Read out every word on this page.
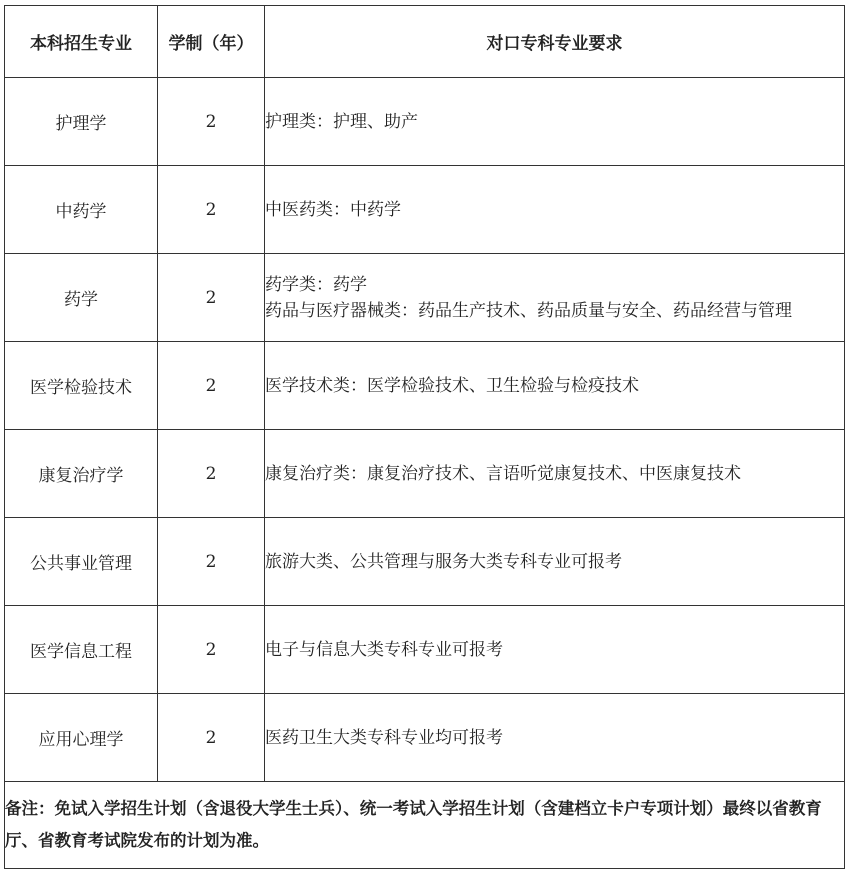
本科招生专业	学制（年）	对口专科专业要求
护理学	2	护理类：护理、助产

中药学	2	中医药类：中药学

药学	2	药学类：药学
药品与医疗器械类：药品生产技术、药品质量与安全、药品经营与管理

医学检验技术	2	医学技术类：医学检验技术、卫生检验与检疫技术

康复治疗学	2	康复治疗类：康复治疗技术、言语听觉康复技术、中医康复技术

公共事业管理	2	旅游大类、公共管理与服务大类专科专业可报考

医学信息工程	2	电子与信息大类专科专业可报考

应用心理学	2	医药卫生大类专科专业均可报考

备注：免试入学招生计划（含退役大学生士兵）、统一考试入学招生计划（含建档立卡户专项计划）最终以省教育厅、省教育考试院发布的计划为准。		
